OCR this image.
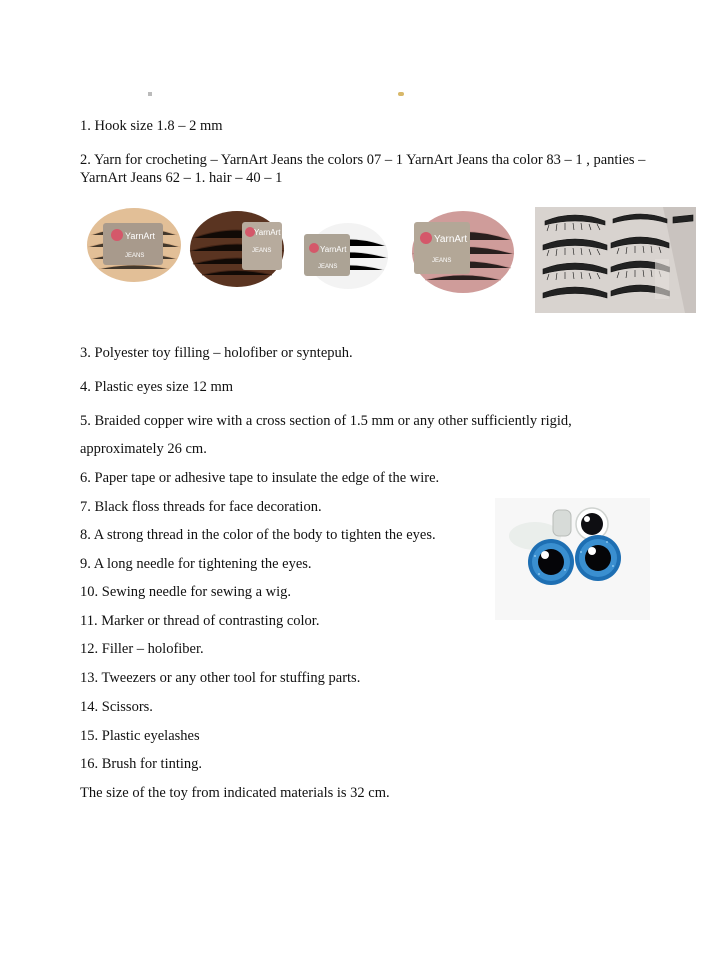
1. Hook size 1.8 – 2 mm
2. Yarn for crocheting – YarnArt Jeans the colors 07 – 1 YarnArt Jeans tha color 83 – 1 , panties – YarnArt Jeans 62 – 1. hair – 40 – 1
YarnArt
JEANS
YarnArt
JEANS	YarnArt
JEANS
YarnArt
JEANS
3. Polyester toy filling – holofiber or syntepuh.
4. Plastic eyes size 12 mm
5. Braided copper wire with a cross section of 1.5 mm or any other sufficiently rigid,
approximately 26 cm.
6. Paper tape or adhesive tape to insulate the edge of the wire.
7. Black floss threads for face decoration.
8. A strong thread in the color of the body to tighten the eyes.
9. A long needle for tightening the eyes.
10. Sewing needle for sewing a wig.
11. Marker or thread of contrasting color.
12. Filler – holofiber.
13. Tweezers or any other tool for stuffing parts.
14. Scissors.
15. Plastic eyelashes
16. Brush for tinting.
The size of the toy from indicated materials is 32 cm.
